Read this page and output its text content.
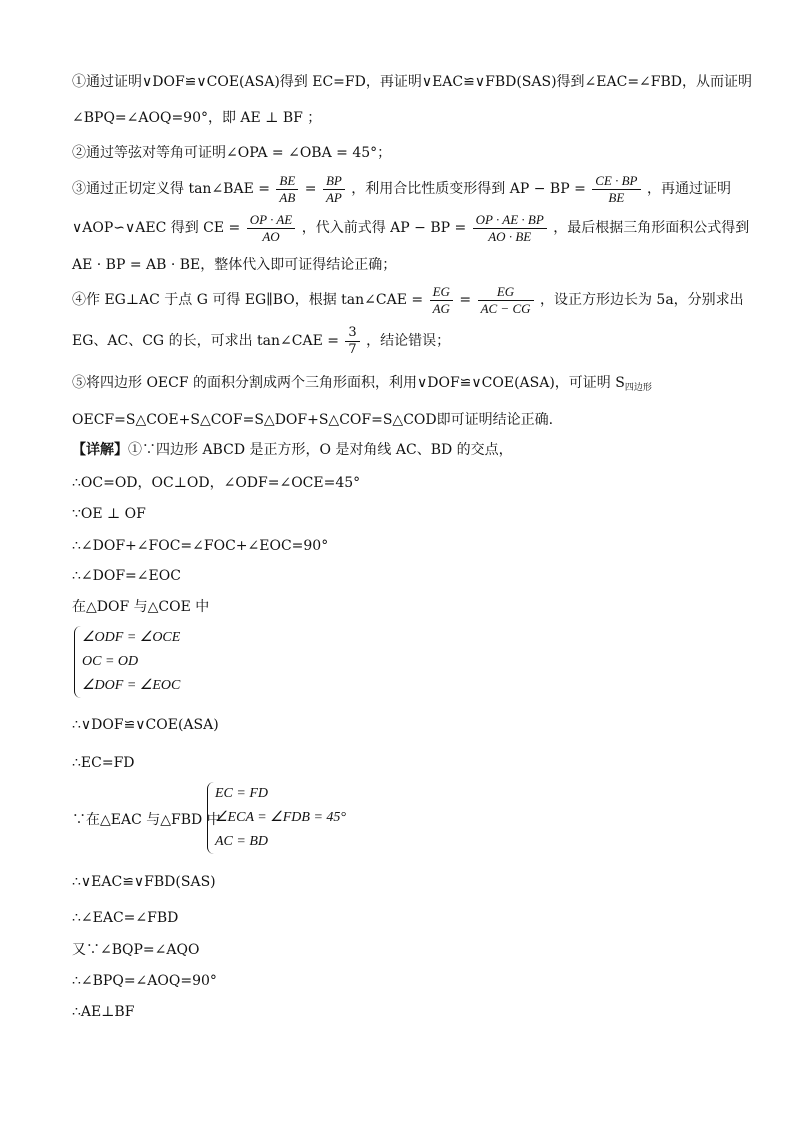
①通过证明∨DOF≌∨COE(ASA)得到 EC=FD，再证明∨EAC≌∨FBD(SAS)得到∠EAC=∠FBD，从而证明
∠BPQ=∠AOQ=90°，即 AE ⊥ BF ；
②通过等弦对等角可证明∠OPA = ∠OBA = 45°；
③通过正切定义得 tan∠BAE = $\frac{BE}{AB} = \frac{BP}{AP}$ ，利用合比性质变形得到 AP − BP = $\frac{CE \cdot BP}{BE}$ ，再通过证明
∨AOP∽∨AEC 得到 CE = $\frac{OP \cdot AE}{AO}$ ，代入前式得 AP − BP = $\frac{OP \cdot AE \cdot BP}{AO \cdot BE}$ ，最后根据三角形面积公式得到
AE · BP = AB · BE，整体代入即可证得结论正确；
④作 EG⊥AC 于点 G 可得 EG∥BO，根据 tan∠CAE = $\frac{EG}{AG} = \frac{EG}{AC - CG}$ ，设正方形边长为 5a，分别求出
EG、AC、CG 的长，可求出 tan∠CAE = $\frac{3}{7}$ ，结论错误；
⑤将四边形 OECF 的面积分割成两个三角形面积，利用∨DOF≌∨COE(ASA)，可证明 $S_{四边形}$
OECF=S△COE+S△COF=S△DOF+S△COF=S△COD即可证明结论正确.
【详解】①∵四边形 ABCD 是正方形，O 是对角线 AC、BD 的交点，
∴OC=OD，OC⊥OD，∠ODF=∠OCE=45°
∵OE ⊥ OF
∴∠DOF+∠FOC=∠FOC+∠EOC=90°
∴∠DOF=∠EOC
在△DOF 与△COE 中
∠ODF = ∠OCE
OC = OD
∠DOF = ∠EOC
∴∨DOF≌∨COE(ASA)
∴EC=FD
∵在△EAC 与△FBD 中
EC = FD
∠ECA = ∠FDB = 45°
AC = BD
∴∨EAC≌∨FBD(SAS)
∴∠EAC=∠FBD
又∵∠BQP=∠AQO
∴∠BPQ=∠AOQ=90°
∴AE⊥BF
